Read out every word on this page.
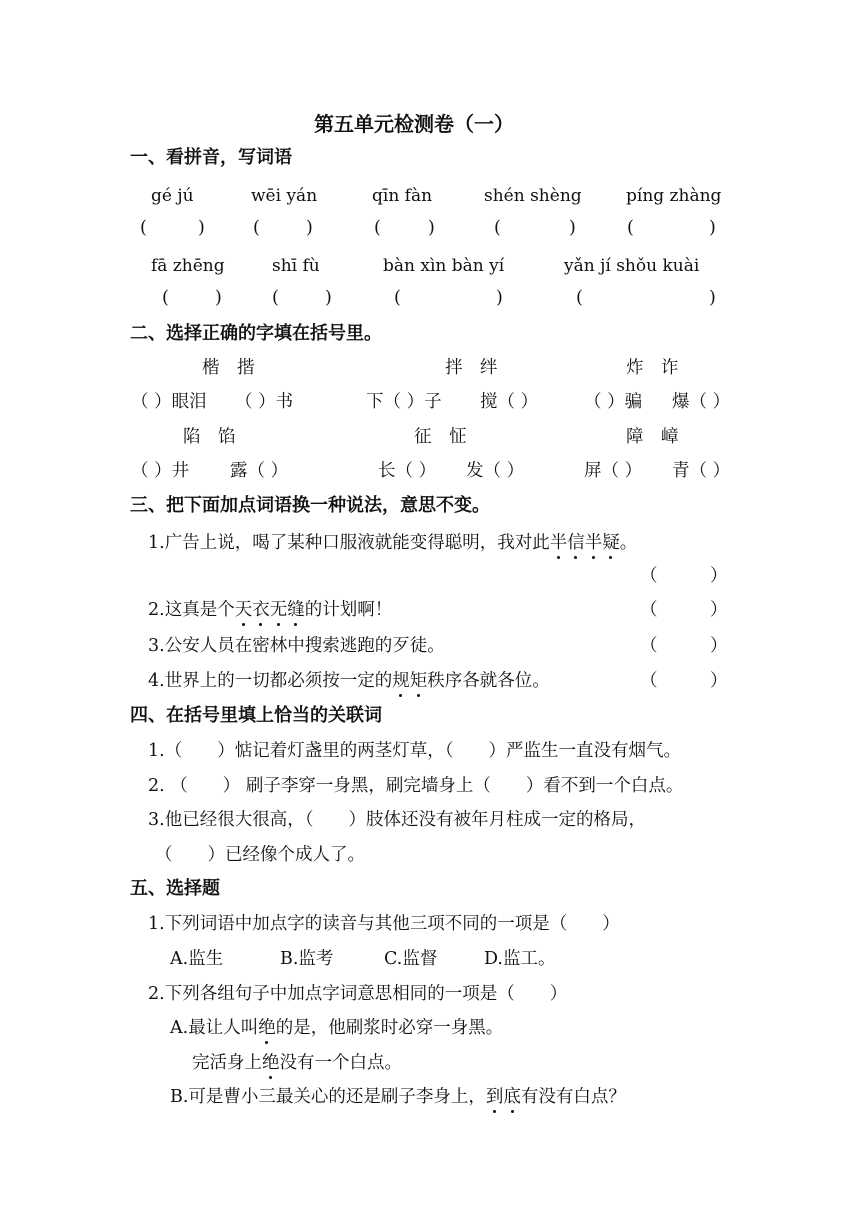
第五单元检测卷（一）
一、看拼音，写词语
gé jú	wēi yán	qīn fàn	shén shèng	píng zhàng
(	)	(	)	(	)	(	)	(	)
fā zhēng	shī fù	bàn xìn bàn yí	yǎn jí shǒu kuài
(	)	(	)	(	)	(	)
二、选择正确的字填在括号里。
楷　揩	拌　绊	炸　诈
（ ）眼泪 （ ）书	下（ ）子 搅（ ）	（ ）骗 爆（ ）
陷　馅	征　怔	障　嶂
（ ）井 露（ ）	长（ ） 发（ ）	屏（ ） 青（ ）
三、把下面加点词语换一种说法，意思不变。
1.广告上说，喝了某种口服液就能变得聪明，我对此半信半疑。
（	）
2.这真是个天衣无缝的计划啊！	（	）
3.公安人员在密林中搜索逃跑的歹徒。	（	）
4.世界上的一切都必须按一定的规矩秩序各就各位。	（	）
四、在括号里填上恰当的关联词
1.（　　）惦记着灯盏里的两茎灯草，（　　）严监生一直没有烟气。
2. （　　） 刷子李穿一身黑，刷完墙身上（　　）看不到一个白点。
3.他已经很大很高，（　　）肢体还没有被年月柱成一定的格局，
（　　）已经像个成人了。
五、选择题
1.下列词语中加点字的读音与其他三项不同的一项是（　　）
A.监生	B.监考	C.监督	D.监工。
2.下列各组句子中加点字词意思相同的一项是（　　）
A.最让人叫绝的是，他刷浆时必穿一身黑。
完活身上绝没有一个白点。
B.可是曹小三最关心的还是刷子李身上，到底有没有白点？
